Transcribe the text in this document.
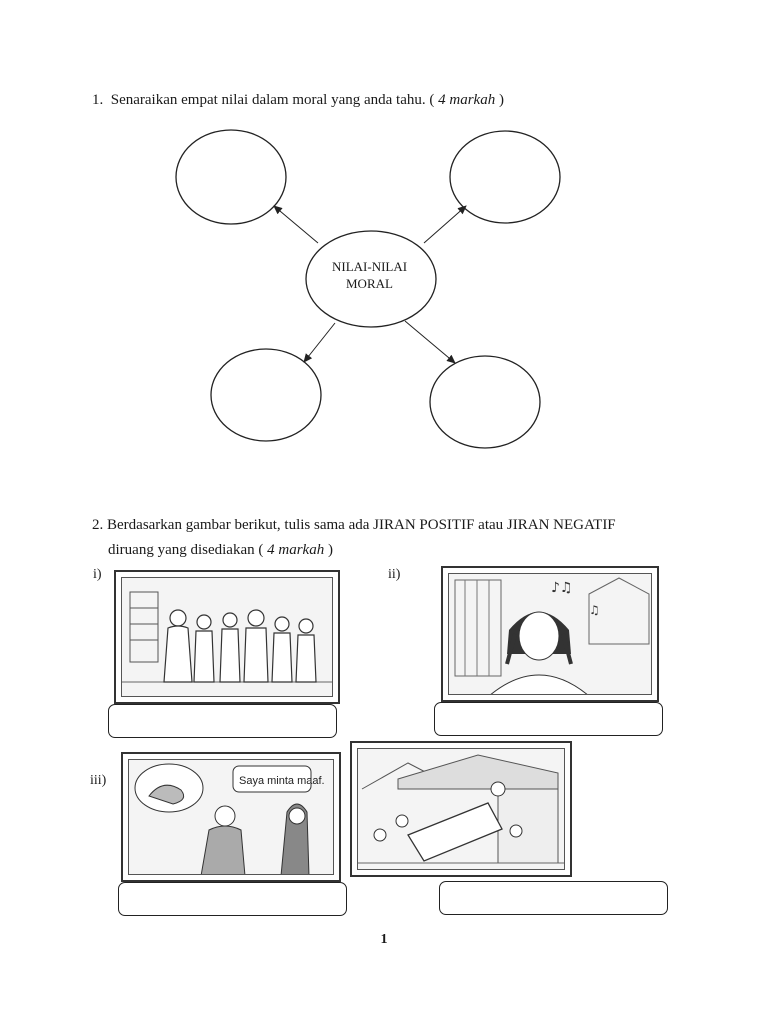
1. Senaraikan empat nilai dalam moral yang anda tahu. ( 4 markah )
NILAI-NILAI
MORAL
2. Berdasarkan gambar berikut, tulis sama ada JIRAN POSITIF atau JIRAN NEGATIF
diruang yang disediakan ( 4 markah )
i)	ii)
iii)
♪♫
♫
Saya minta maaf.
1
